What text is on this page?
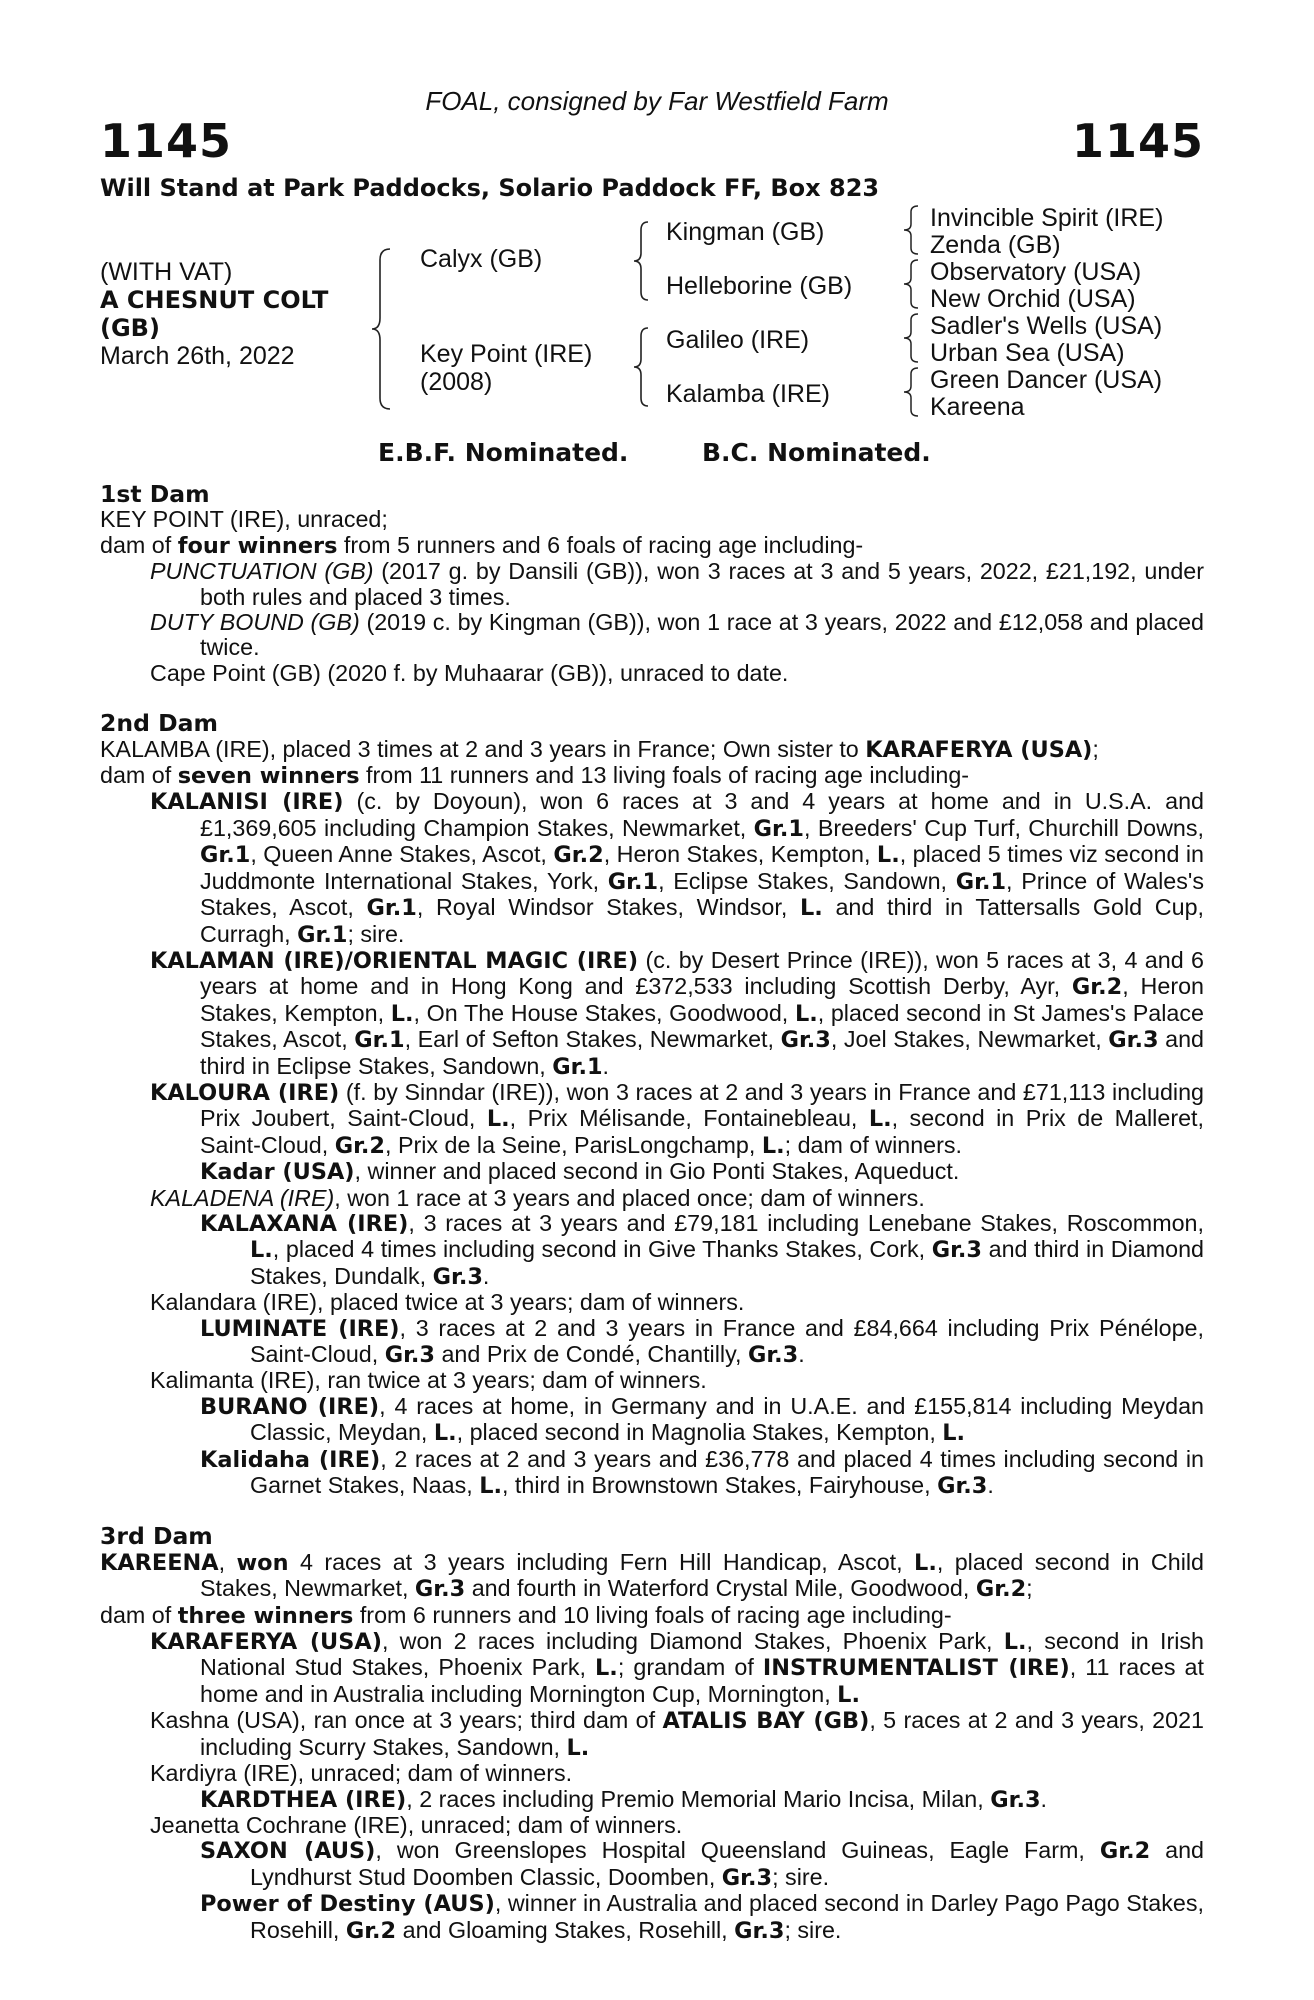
FOAL, consigned by Far Westfield Farm
1145	1145
Will Stand at Park Paddocks, Solario Paddock FF, Box 823
(WITH VAT)
A CHESNUT COLT
(GB)
March 26th, 2022
Calyx (GB)
Key Point (IRE)
(2008)
Kingman (GB)
Helleborine (GB)
Galileo (IRE)
Kalamba (IRE)
Invincible Spirit (IRE)
Zenda (GB)
Observatory (USA)
New Orchid (USA)
Sadler's Wells (USA)
Urban Sea (USA)
Green Dancer (USA)
Kareena
E.B.F. Nominated.	B.C. Nominated.
1st Dam
KEY POINT (IRE), unraced;
dam of four winners from 5 runners and 6 foals of racing age including-
PUNCTUATION (GB) (2017 g. by Dansili (GB)), won 3 races at 3 and 5 years, 2022, £21,192, under both rules and placed 3 times.
DUTY BOUND (GB) (2019 c. by Kingman (GB)), won 1 race at 3 years, 2022 and £12,058 and placed twice.
Cape Point (GB) (2020 f. by Muhaarar (GB)), unraced to date.
2nd Dam
KALAMBA (IRE), placed 3 times at 2 and 3 years in France; Own sister to KARAFERYA (USA);
dam of seven winners from 11 runners and 13 living foals of racing age including-
KALANISI (IRE) (c. by Doyoun), won 6 races at 3 and 4 years at home and in U.S.A. and £1,369,605 including Champion Stakes, Newmarket, Gr.1, Breeders' Cup Turf, Churchill Downs, Gr.1, Queen Anne Stakes, Ascot, Gr.2, Heron Stakes, Kempton, L., placed 5 times viz second in Juddmonte International Stakes, York, Gr.1, Eclipse Stakes, Sandown, Gr.1, Prince of Wales's Stakes, Ascot, Gr.1, Royal Windsor Stakes, Windsor, L. and third in Tattersalls Gold Cup, Curragh, Gr.1; sire.
KALAMAN (IRE)/ORIENTAL MAGIC (IRE) (c. by Desert Prince (IRE)), won 5 races at 3, 4 and 6 years at home and in Hong Kong and £372,533 including Scottish Derby, Ayr, Gr.2, Heron Stakes, Kempton, L., On The House Stakes, Goodwood, L., placed second in St James's Palace Stakes, Ascot, Gr.1, Earl of Sefton Stakes, Newmarket, Gr.3, Joel Stakes, Newmarket, Gr.3 and third in Eclipse Stakes, Sandown, Gr.1.
KALOURA (IRE) (f. by Sinndar (IRE)), won 3 races at 2 and 3 years in France and £71,113 including Prix Joubert, Saint-Cloud, L., Prix Mélisande, Fontainebleau, L., second in Prix de Malleret, Saint-Cloud, Gr.2, Prix de la Seine, ParisLongchamp, L.; dam of winners.
Kadar (USA), winner and placed second in Gio Ponti Stakes, Aqueduct.
KALADENA (IRE), won 1 race at 3 years and placed once; dam of winners.
KALAXANA (IRE), 3 races at 3 years and £79,181 including Lenebane Stakes, Roscommon, L., placed 4 times including second in Give Thanks Stakes, Cork, Gr.3 and third in Diamond Stakes, Dundalk, Gr.3.
Kalandara (IRE), placed twice at 3 years; dam of winners.
LUMINATE (IRE), 3 races at 2 and 3 years in France and £84,664 including Prix Pénélope, Saint-Cloud, Gr.3 and Prix de Condé, Chantilly, Gr.3.
Kalimanta (IRE), ran twice at 3 years; dam of winners.
BURANO (IRE), 4 races at home, in Germany and in U.A.E. and £155,814 including Meydan Classic, Meydan, L., placed second in Magnolia Stakes, Kempton, L.
Kalidaha (IRE), 2 races at 2 and 3 years and £36,778 and placed 4 times including second in Garnet Stakes, Naas, L., third in Brownstown Stakes, Fairyhouse, Gr.3.
3rd Dam
KAREENA, won 4 races at 3 years including Fern Hill Handicap, Ascot, L., placed second in Child Stakes, Newmarket, Gr.3 and fourth in Waterford Crystal Mile, Goodwood, Gr.2;
dam of three winners from 6 runners and 10 living foals of racing age including-
KARAFERYA (USA), won 2 races including Diamond Stakes, Phoenix Park, L., second in Irish National Stud Stakes, Phoenix Park, L.; grandam of INSTRUMENTALIST (IRE), 11 races at home and in Australia including Mornington Cup, Mornington, L.
Kashna (USA), ran once at 3 years; third dam of ATALIS BAY (GB), 5 races at 2 and 3 years, 2021 including Scurry Stakes, Sandown, L.
Kardiyra (IRE), unraced; dam of winners.
KARDTHEA (IRE), 2 races including Premio Memorial Mario Incisa, Milan, Gr.3.
Jeanetta Cochrane (IRE), unraced; dam of winners.
SAXON (AUS), won Greenslopes Hospital Queensland Guineas, Eagle Farm, Gr.2 and Lyndhurst Stud Doomben Classic, Doomben, Gr.3; sire.
Power of Destiny (AUS), winner in Australia and placed second in Darley Pago Pago Stakes, Rosehill, Gr.2 and Gloaming Stakes, Rosehill, Gr.3; sire.
